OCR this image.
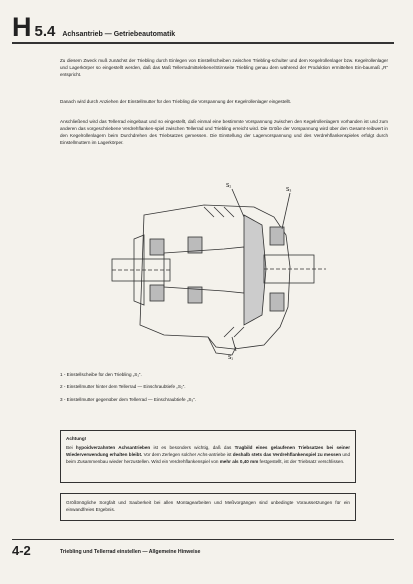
H 5.4 Achsantrieb — Getriebeautomatik

Zu diesem Zweck muß zunächst der Triebling durch Einlegen von Einstellscheiben zwischen Triebling-schulter und dem Kegelrollenlager bzw. Kegelrollenlager und Lagerkörper so eingestellt werden, daß das Maß Tellerradmittelebene/Stirnseite Triebling genau dem während der Produktion ermittelten Ein-baumaß „R“ entspricht.

Danach wird durch Anziehen der Einstellmutter für den Triebling die Vorspannung der Kegelrollenlager eingestellt.

Anschließend wird das Tellerrad eingebaut und so eingestellt, daß einmal eine bestimmte Vorspannung zwischen den Kegelrollenlagern vorhanden ist und zum anderen das vorgeschriebene Verdrehflanken-spiel zwischen Tellerrad und Triebling erreicht wird. Die Größe der Vorspannung wird über den Gesamt-reibwert in den Kegelrollenlagern beim Durchdrehen des Triebsatzes gemessen. Die Einstellung der Lagervorspannung und des Verdrehflankenspieles erfolgt durch Einstellmuttern im Lagerkörper.

S₂
S₃
S₁
1 - Einstellscheibe für den Triebling „S₁“.
2 - Einstellmutter hinter dem Tellerrad — Einschraubtiefe „S₂“.
3 - Einstellmutter gegenüber dem Tellerrad — Einschraubtiefe „S₃“.
Achtung!
Bei hypoidverzahnten Achsantrieben ist es besonders wichtig, daß das Tragbild eines gelaufenen Triebsatzes bei seiner Wiederverwendung erhalten bleibt. Vor dem Zerlegen solcher Achs-antriebe ist deshalb stets das Verdrehflankenspiel zu messen und beim Zusammenbau wieder herzustellen. Wird ein Verdrehflankenspiel von mehr als 0,40 mm festgestellt, ist der Triebsatz verschlissen.
Größtmögliche Sorgfalt und Sauberkeit bei allen Montagearbeiten und Meßvorgängen sind unbedingte Voraussetzungen für ein einwandfreies Ergebnis.
4-2	Triebling und Tellerrad einstellen — Allgemeine Hinweise
